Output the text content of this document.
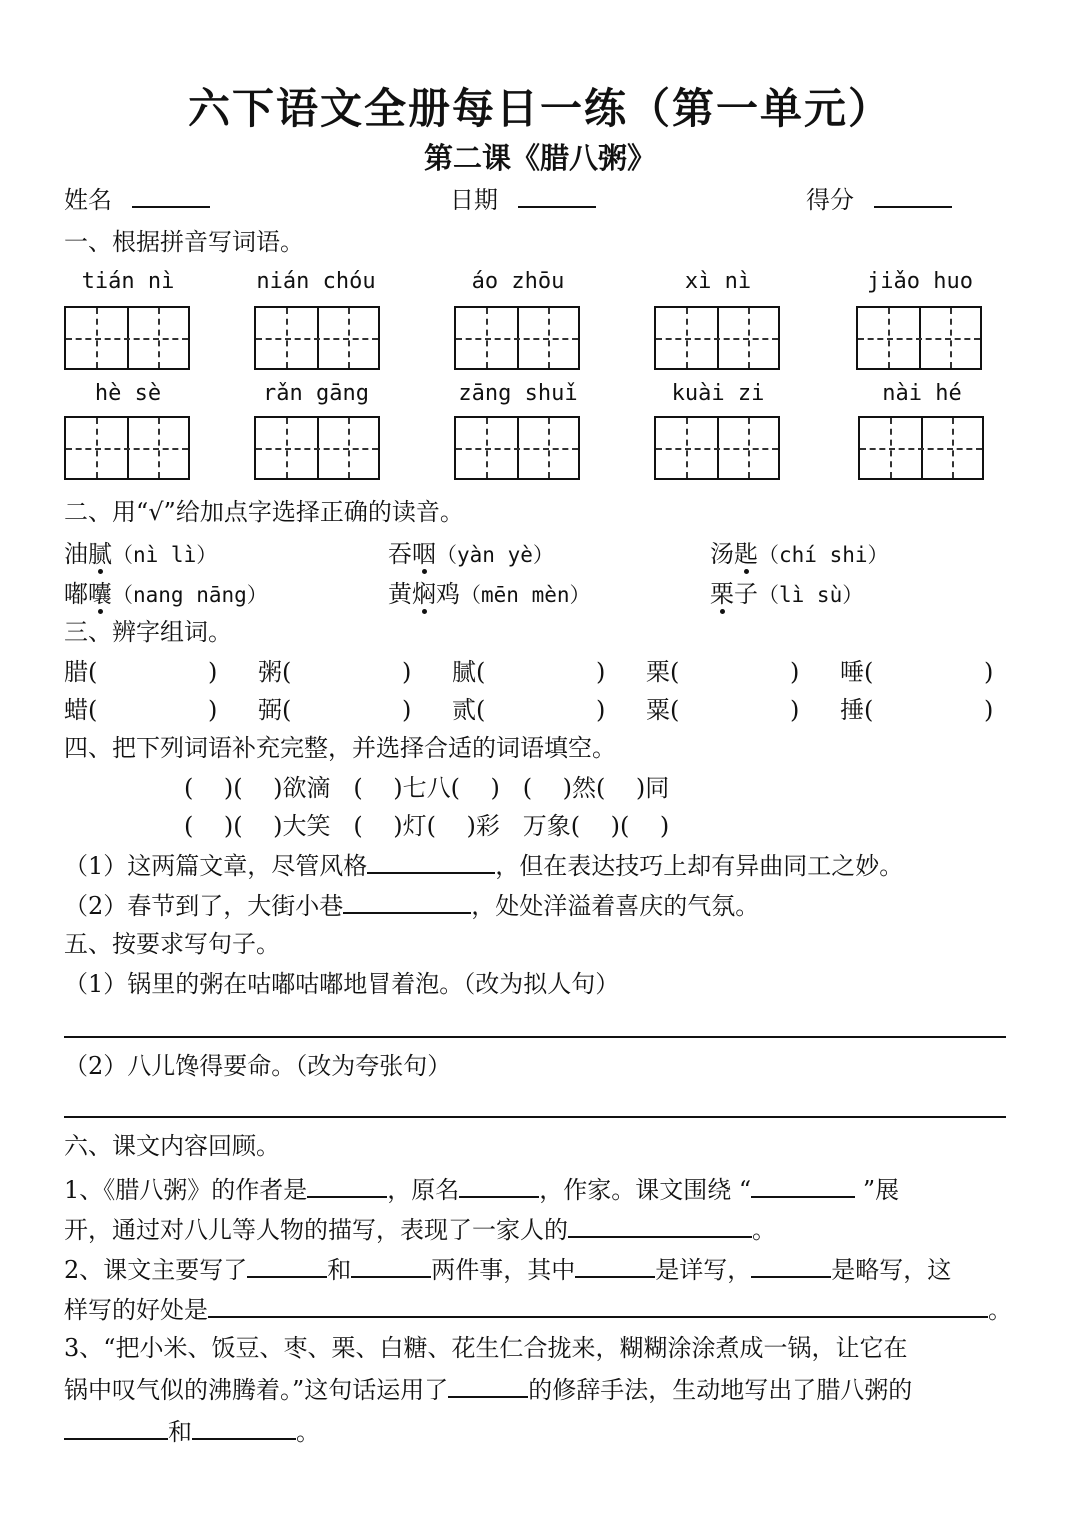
六下语文全册每日一练（第一单元）
第二课《腊八粥》
姓名	日期	得分
一、根据拼音写词语。
tián nì	nián chóu	áo zhōu	xì nì	jiǎo huo
hè sè	rǎn gāng	zāng shuǐ	kuài zi	nài hé
二、用“√”给加点字选择正确的读音。
油腻（nì lì）	吞咽（yàn yè）	汤匙（chí shi）
嘟囔（nang nāng）	黄焖鸡（mēn mèn）	栗子（lì sù）
三、辨字组词。
腊(	) 粥(	) 腻(	) 栗(	) 唾(	)
蜡(	) 弼(	) 贰(	) 粟(	) 捶(	)
四、把下列词语补充完整，并选择合适的词语填空。
(    )(    )欲滴   (    )七八(    )   (    )然(    )同
(    )(    )大笑   (    )灯(    )彩   万象(    )(    )
（1）这两篇文章，尽管风格	，但在表达技巧上却有异曲同工之妙。
（2）春节到了，大街小巷	，处处洋溢着喜庆的气氛。
五、按要求写句子。
（1）锅里的粥在咕嘟咕嘟地冒着泡。（改为拟人句）
（2）八儿馋得要命。（改为夸张句）
六、课文内容回顾。
1、《腊八粥》的作者是	，原名	，作家。课文围绕 “	”展
开，通过对八儿等人物的描写，表现了一家人的	。
2、课文主要写了	和	两件事，其中	是详写，	是略写，这
样写的好处是	。
3、“把小米、饭豆、枣、栗、白糖、花生仁合拢来，糊糊涂涂煮成一锅，让它在
锅中叹气似的沸腾着。”这句话运用了	的修辞手法，生动地写出了腊八粥的
和	。
